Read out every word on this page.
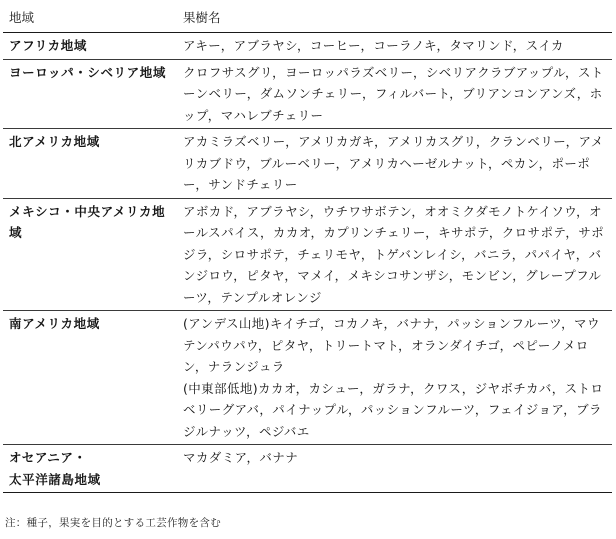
地域	果樹名
アフリカ地域	アキー，アブラヤシ，コーヒー，コーラノキ，タマリンド，スイカ
ヨーロッパ・シベリア地域	クロフサスグリ，ヨーロッパラズベリー，シベリアクラブアップル，ストーンベリー，ダムソンチェリー，フィルバート，ブリアンコンアンズ，ホップ，マハレブチェリー
北アメリカ地域	アカミラズベリー，アメリカガキ，アメリカスグリ，クランベリー，アメリカブドウ，ブルーベリー，アメリカヘーゼルナット，ペカン，ポーポー，サンドチェリー
メキシコ・中央アメリカ地域	アボカド，アブラヤシ，ウチワサボテン，オオミクダモノトケイソウ，オールスパイス，カカオ，カプリンチェリー，キサポテ，クロサポテ，サポジラ，シロサポテ，チェリモヤ，トゲバンレイシ，バニラ，パパイヤ，バンジロウ，ピタヤ，マメイ，メキシコサンザシ，モンビン，グレープフルーツ，テンプルオレンジ
南アメリカ地域	(アンデス山地)キイチゴ，コカノキ，バナナ，パッションフルーツ，マウテンパウパウ，ピタヤ，トリートマト，オランダイチゴ，ペピーノメロン，ナランジュラ
(中東部低地)カカオ，カシュー，ガラナ，クワス，ジヤボチカバ，ストロベリーグアバ，パイナップル，パッションフルーツ，フェイジョア，ブラジルナッツ，ペジバエ

オセアニア・
太平洋諸島地域	マカダミア，バナナ
注：種子，果実を目的とする工芸作物を含む
